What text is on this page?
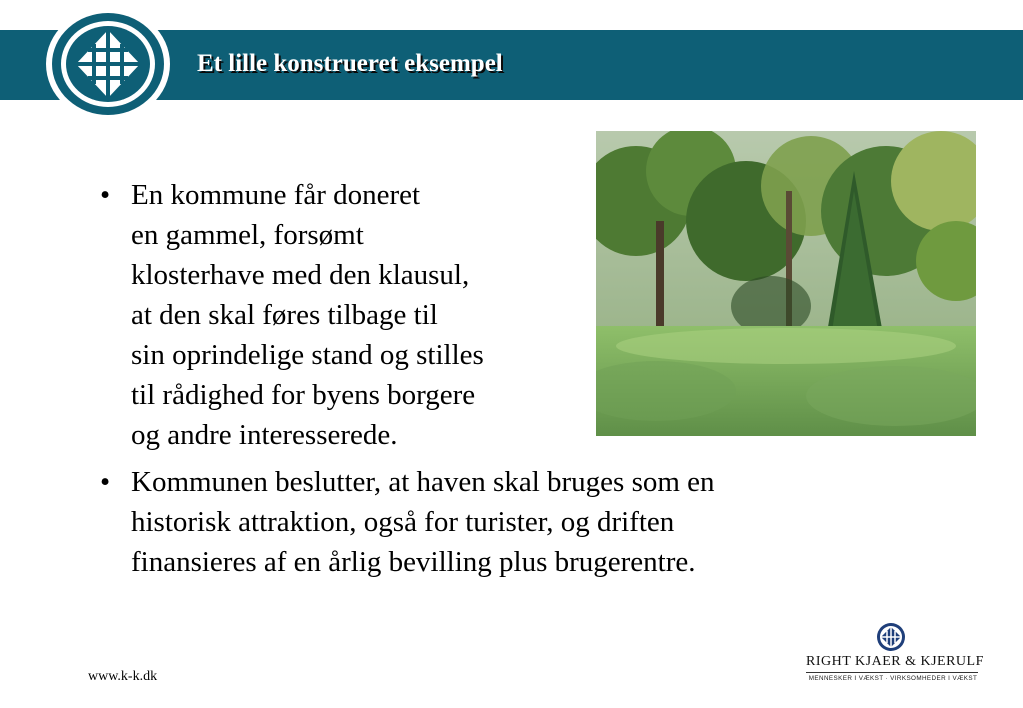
Et lille konstrueret eksempel
• En kommune får doneret
en gammel, forsømt
klosterhave med den klausul,
at den skal føres tilbage til
sin oprindelige stand og stilles
til rådighed for byens borgere
og andre interesserede.
• Kommunen beslutter, at haven skal bruges som en
historisk attraktion, også for turister, og driften
finansieres af en årlig bevilling plus brugerentre.
www.k-k.dk
RIGHT KJAER & KJERULF
MENNESKER I VÆKST · VIRKSOMHEDER I VÆKST
